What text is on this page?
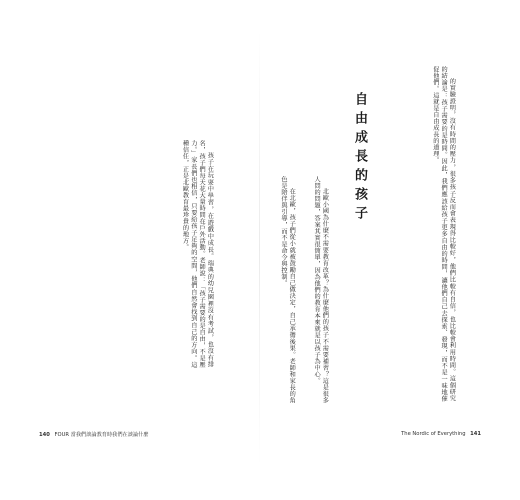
的實驗證明，沒有時間的壓力，很多孩子反而會表現得比較好，他們比較有自信，也比較會利用時間。這個研究的結論是：孩子需要的是時間。因此，我們應該給孩子更多自由的時間，讓他們自己去探索、發現，而不是一味地催促他們。這就是自由成長的道理。

自由成長的孩子

北歐小國為什麼不需要教育改革？為什麼他們的孩子不需要補習？這是很多人問的問題，答案其實很簡單，因為他們的教育本來就是以孩子為中心。

在北歐，孩子們從小就被鼓勵自己做決定，自己承擔後果。老師和家長的角色是陪伴與引導，而不是命令與控制。

孩子在玩耍中學習，在遊戲中成長。瑞典的幼兒園裡沒有考試，也沒有排名，孩子們每天花大量時間在戶外活動。老師說：「孩子需要的是自由，不是壓力。」家長們也相信，只要給孩子足夠的空間，他們自然會找到自己的方向。這種信任，正是北歐教育最珍貴的地方。

140 FOUR 當我們談論教育時我們在談論什麼	The Nordic of Everything 141
